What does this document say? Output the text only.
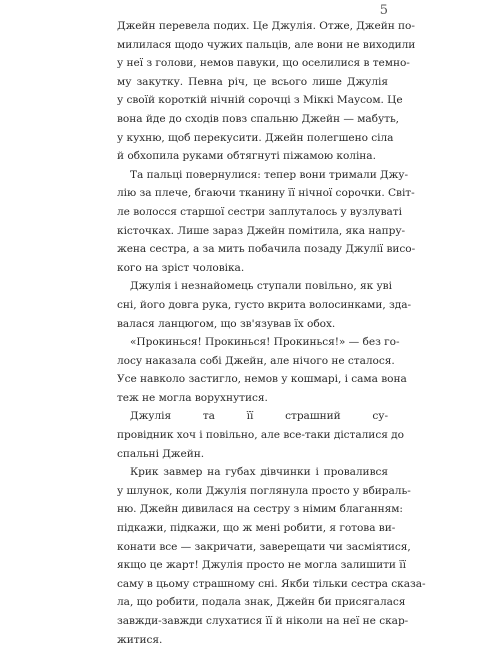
5
Джейн перевела подих. Це Джулія. Отже, Джейн по-
милилася щодо чужих пальців, але вони не виходили
у неї з голови, немов павуки, що оселилися в темно-
му закутку. Певна річ, це всього лише Джулія
у своїй короткій нічній сорочці з Міккі Маусом. Це
вона йде до сходів повз спальню Джейн — мабуть,
у кухню, щоб перекусити. Джейн полегшено сіла
й обхопила руками обтягнуті піжамою коліна.
Та пальці повернулися: тепер вони тримали Джу-
лію за плече, бгаючи тканину її нічної сорочки. Світ-
ле волосся старшої сестри заплуталось у вузлуваті
кісточках. Лише зараз Джейн помітила, яка напру-
жена сестра, а за мить побачила позаду Джулії висо-
кого на зріст чоловіка.
Джулія і незнайомець ступали повільно, як уві
сні, його довга рука, густо вкрита волосинками, зда-
валася ланцюгом, що зв'язував їх обох.
«Прокинься! Прокинься! Прокинься!» — без го-
лосу наказала собі Джейн, але нічого не сталося.
Усе навколо застигло, немов у кошмарі, і сама вона
теж не могла ворухнутися.
Джулія та її страшний су-
провідник хоч і повільно, але все-таки дісталися до
спальні Джейн.
Крик завмер на губах дівчинки і провалився
у шлунок, коли Джулія поглянула просто у вбираль-
ню. Джейн дивилася на сестру з німим благанням:
підкажи, підкажи, що ж мені робити, я готова ви-
конати все — закричати, заверещати чи засміятися,
якщо це жарт! Джулія просто не могла залишити її
саму в цьому страшному сні. Якби тільки сестра сказа-
ла, що робити, подала знак, Джейн би присягалася
завжди-завжди слухатися її й ніколи на неї не скар-
житися.
